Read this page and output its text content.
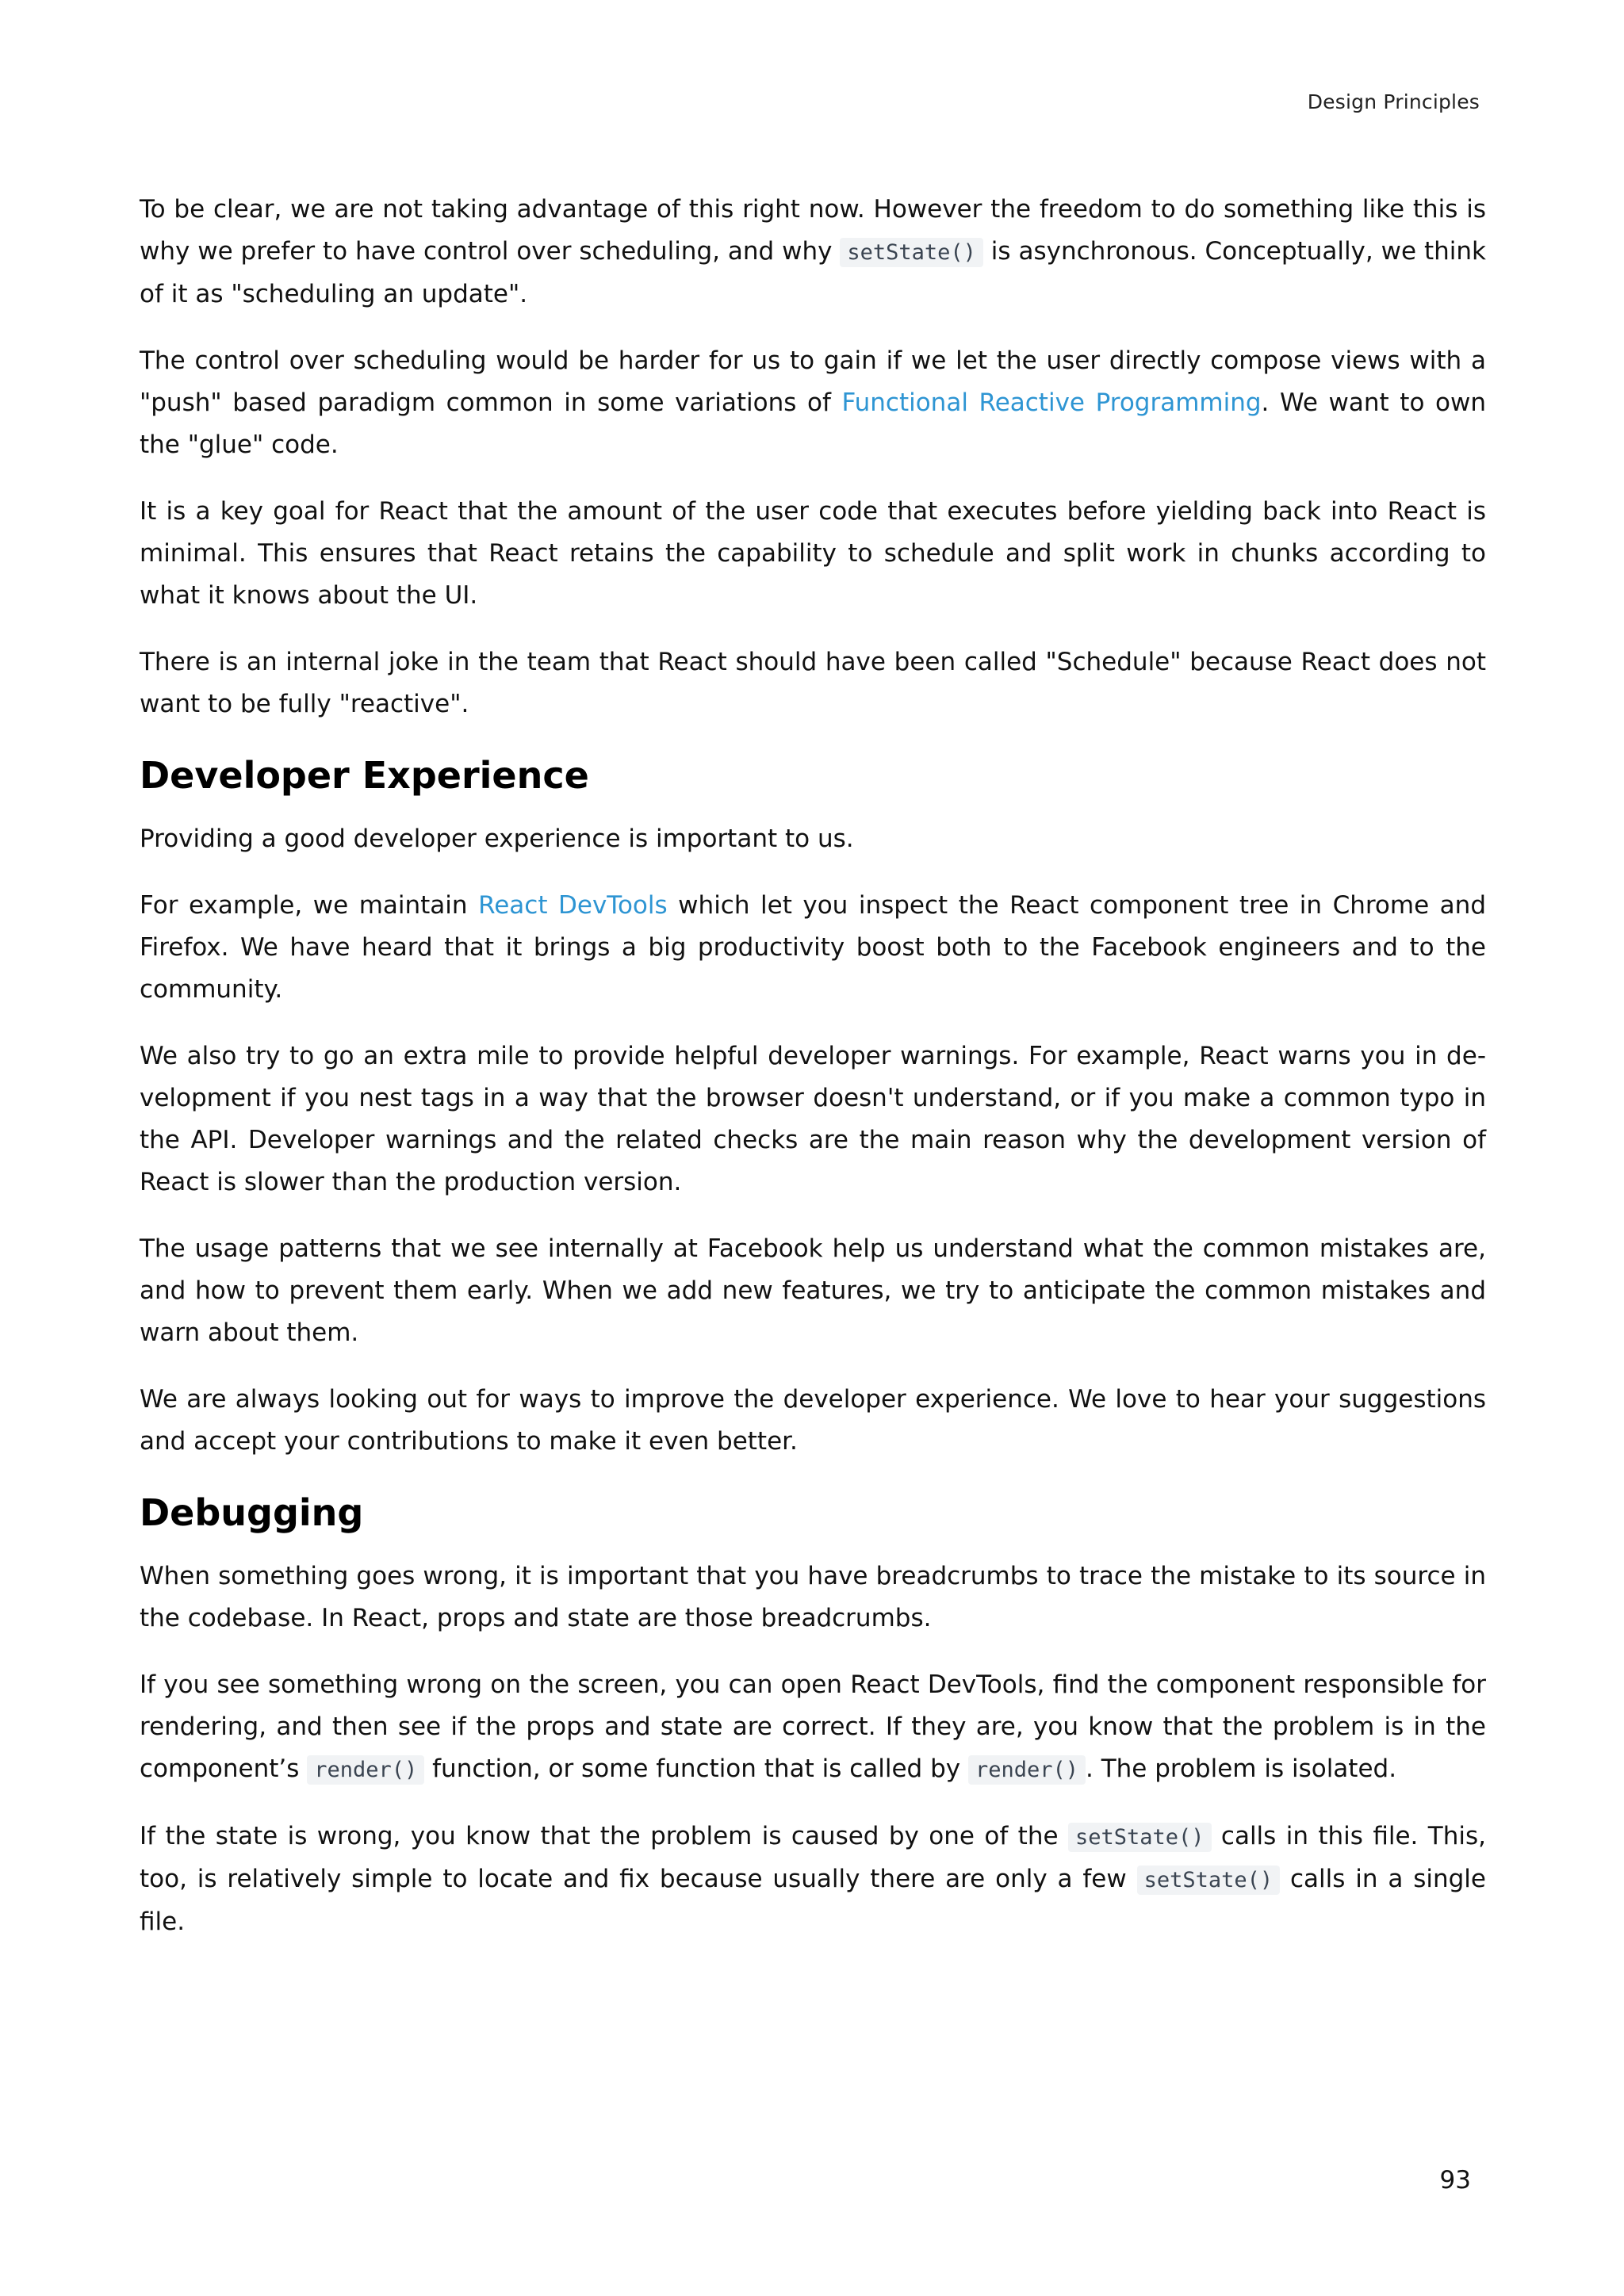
Design Principles

To be clear, we are not taking advantage of this right now. However the freedom to do something like this is why we prefer to have control over scheduling, and why setState() is asynchronous. Conceptually, we think of it as "scheduling an update".

The control over scheduling would be harder for us to gain if we let the user directly compose views with a "push" based paradigm common in some variations of Functional Reactive Programming. We want to own the "glue" code.

It is a key goal for React that the amount of the user code that executes before yielding back into React is minimal. This ensures that React retains the capability to schedule and split work in chunks according to what it knows about the UI.

There is an internal joke in the team that React should have been called "Schedule" because React does not want to be fully "reactive".

Developer Experience

Providing a good developer experience is important to us.

For example, we maintain React DevTools which let you inspect the React component tree in Chrome and Firefox. We have heard that it brings a big productivity boost both to the Facebook engineers and to the community.

We also try to go an extra mile to provide helpful developer warnings. For example, React warns you in development if you nest tags in a way that the browser doesn't understand, or if you make a common typo in the API. Developer warnings and the related checks are the main reason why the development version of React is slower than the production version.

The usage patterns that we see internally at Facebook help us understand what the common mistakes are, and how to prevent them early. When we add new features, we try to anticipate the common mistakes and warn about them.

We are always looking out for ways to improve the developer experience. We love to hear your suggestions and accept your contributions to make it even better.

Debugging

When something goes wrong, it is important that you have breadcrumbs to trace the mistake to its source in the codebase. In React, props and state are those breadcrumbs.

If you see something wrong on the screen, you can open React DevTools, find the component responsible for rendering, and then see if the props and state are correct. If they are, you know that the problem is in the component’s render() function, or some function that is called by render() . The problem is isolated.

If the state is wrong, you know that the problem is caused by one of the setState() calls in this file. This, too, is relatively simple to locate and fix because usually there are only a few setState() calls in a single file.

93
